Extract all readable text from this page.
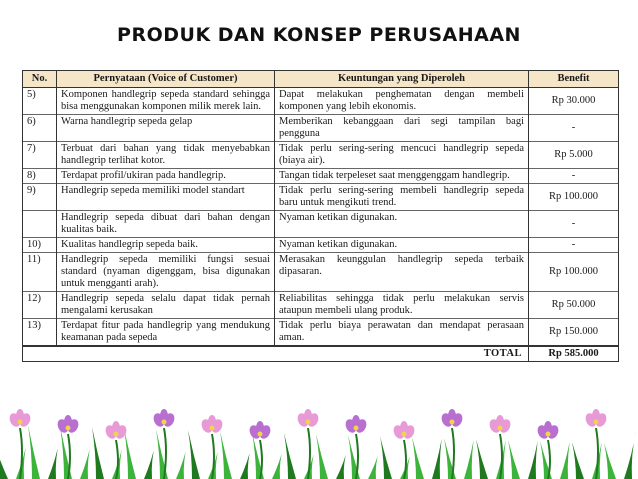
PRODUK DAN KONSEP PERUSAHAAN
No.	Pernyataan (Voice of Customer)	Keuntungan yang Diperoleh	Benefit
5)	Komponen handlegrip sepeda standard sehingga bisa menggunakan komponen milik merek lain.	Dapat melakukan penghematan dengan membeli komponen yang lebih ekonomis.	Rp 30.000
6)	Warna handlegrip sepeda gelap	Memberikan kebanggaan dari segi tampilan bagi pengguna	-
7)	Terbuat dari bahan yang tidak menyebabkan handlegrip terlihat kotor.	Tidak perlu sering-sering mencuci handlegrip sepeda (biaya air).	Rp 5.000
8)	Terdapat profil/ukiran pada handlegrip.	Tangan tidak terpeleset saat menggenggam handlegrip.	-
9)	Handlegrip sepeda memiliki model standart	Tidak perlu sering-sering membeli handlegrip sepeda baru untuk mengikuti trend.	Rp 100.000
	Handlegrip sepeda dibuat dari bahan dengan kualitas baik.	Nyaman ketikan digunakan.	-
10)	Kualitas handlegrip sepeda baik.	Nyaman ketikan digunakan.	-
11)	Handlegrip sepeda memiliki fungsi sesuai standard (nyaman digenggam, bisa digunakan untuk mengganti arah).	Merasakan keunggulan handlegrip sepeda terbaik dipasaran.	Rp 100.000
12)	Handlegrip sepeda selalu dapat tidak pernah mengalami kerusakan	Reliabilitas sehingga tidak perlu melakukan servis ataupun membeli ulang produk.	Rp 50.000
13)	Terdapat fitur pada handlegrip yang mendukung keamanan pada sepeda	Tidak perlu biaya perawatan dan mendapat perasaan aman.	Rp 150.000
TOTAL			Rp 585.000
